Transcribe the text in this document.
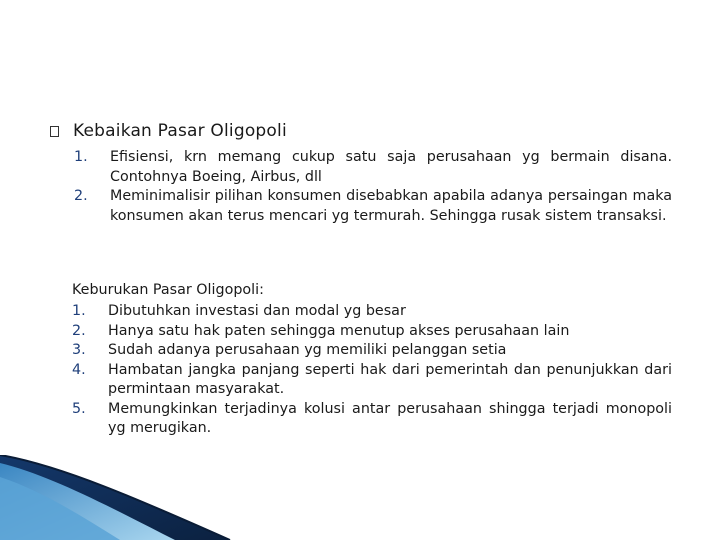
Kebaikan Pasar Oligopoli
1.	Efisiensi, krn memang cukup satu saja perusahaan yg bermain disana. Contohnya Boeing, Airbus, dll
2.	Meminimalisir pilihan konsumen disebabkan apabila adanya persaingan maka konsumen akan terus mencari yg termurah. Sehingga rusak sistem transaksi.
Keburukan Pasar Oligopoli:
1.	Dibutuhkan investasi dan modal yg besar
2.	Hanya satu hak paten sehingga menutup akses perusahaan lain
3.	Sudah adanya perusahaan yg memiliki pelanggan setia
4.	Hambatan jangka panjang seperti hak dari pemerintah dan penunjukkan dari permintaan masyarakat.
5.	Memungkinkan terjadinya kolusi antar perusahaan shingga terjadi monopoli yg merugikan.
